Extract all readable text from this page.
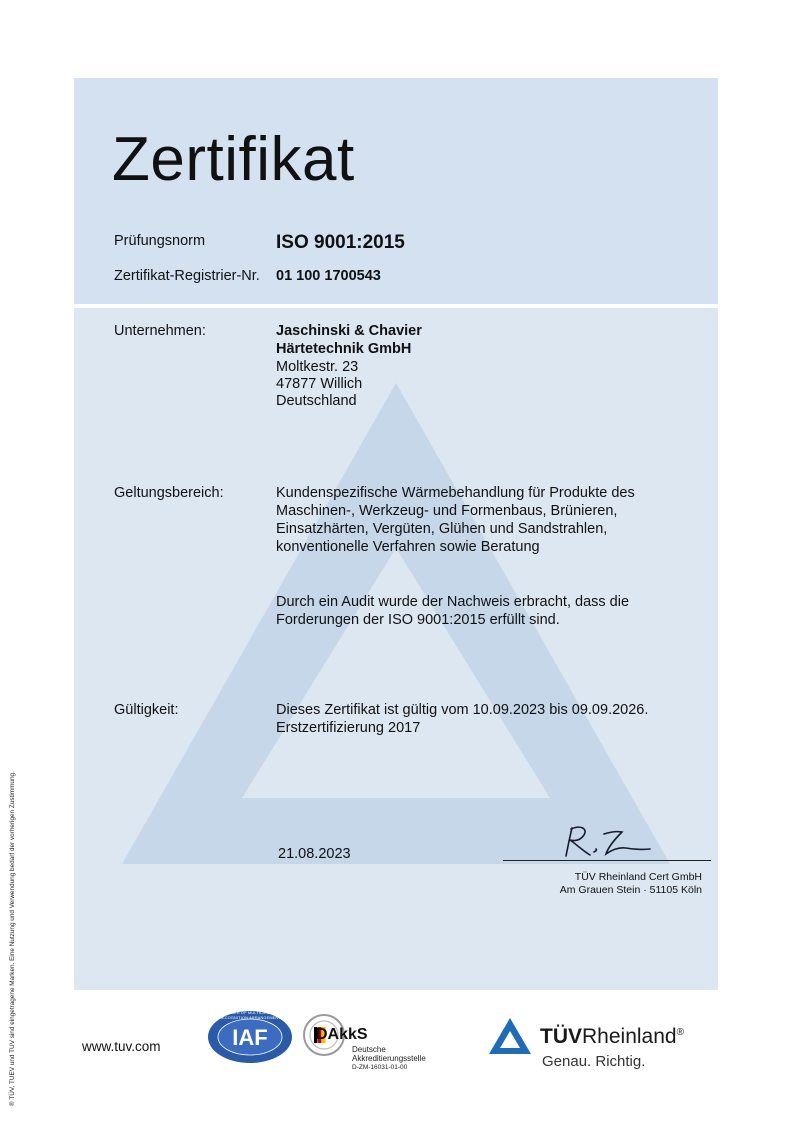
Zertifikat
Prüfungsnorm	ISO 9001:2015
Zertifikat-Registrier-Nr. 01 100 1700543
Unternehmen:	Jaschinski & Chavier
Härtetechnik GmbH
Moltkestr. 23
47877 Willich
Deutschland
Geltungsbereich:	Kundenspezifische Wärmebehandlung für Produkte des
Maschinen-, Werkzeug- und Formenbaus, Brünieren,
Einsatzhärten, Vergüten, Glühen und Sandstrahlen,
konventionelle Verfahren sowie Beratung
Durch ein Audit wurde der Nachweis erbracht, dass die
Forderungen der ISO 9001:2015 erfüllt sind.
Gültigkeit:	Dieses Zertifikat ist gültig vom 10.09.2023 bis 09.09.2026.
Erstzertifizierung 2017
21.08.2023
TÜV Rheinland Cert GmbH
Am Grauen Stein · 51105 Köln
® TÜV, TUEV und TUV sind eingetragene Marken. Eine Nutzung und Verwendung bedarf der vorherigen Zustimmung.	www.tuv.com	IAF
MEMBER OF MULTILATERAL RECOGNITION ARRANGEMENT
DAkkS
Deutsche
Akkreditierungsstelle
D-ZM-16031-01-00
TÜVRheinland®
Genau. Richtig.
